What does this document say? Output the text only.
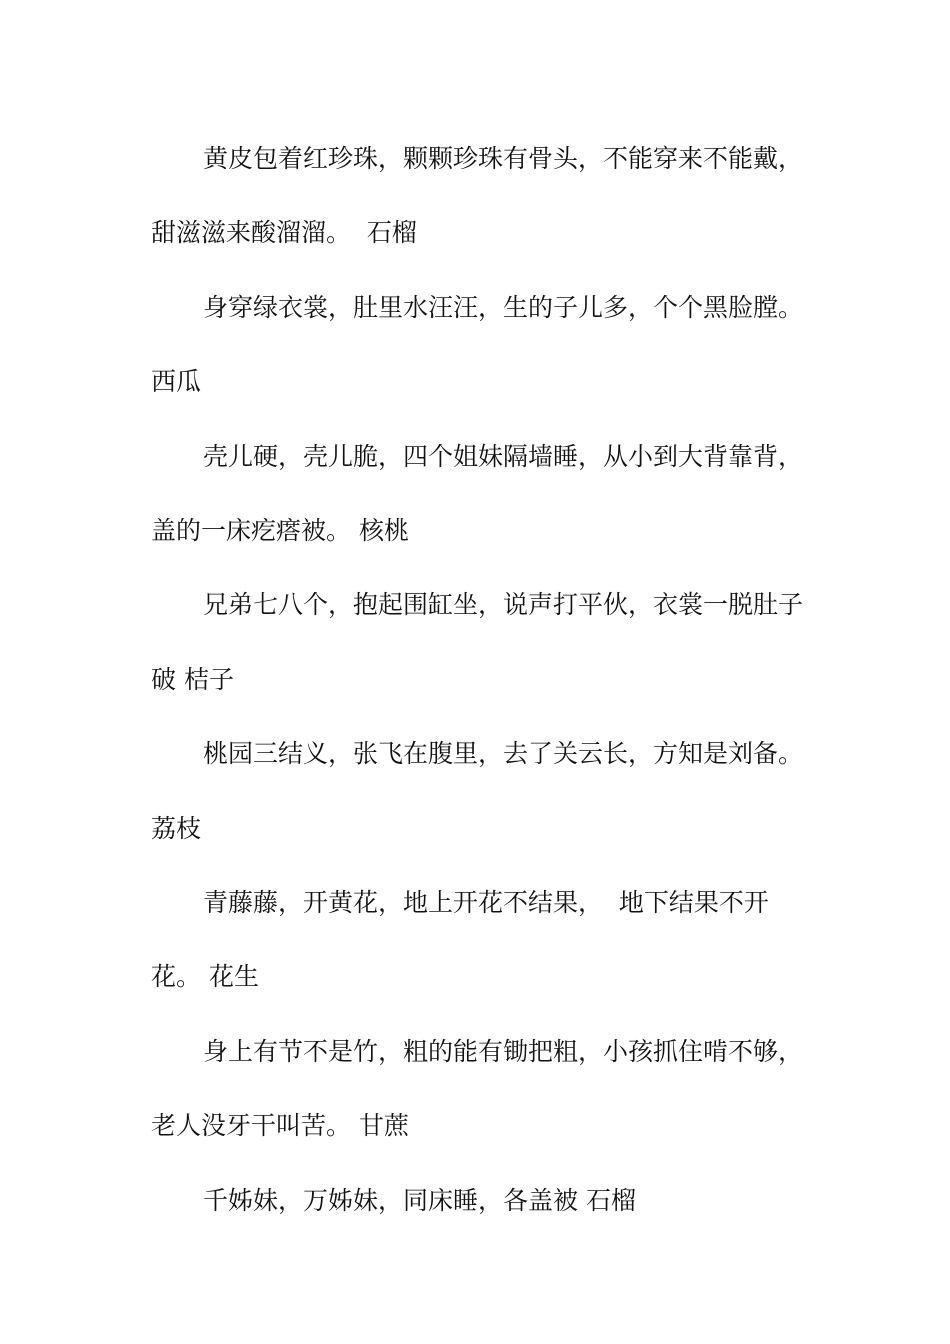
黄皮包着红珍珠，颗颗珍珠有骨头，不能穿来不能戴，甜滋滋来酸溜溜。  石榴

身穿绿衣裳，肚里水汪汪，生的子儿多，个个黑脸膛。 西瓜

壳儿硬，壳儿脆，四个姐妹隔墙睡，从小到大背靠背，盖的一床疙瘩被。 核桃

兄弟七八个，抱起围缸坐，说声打平伙，衣裳一脱肚子破 桔子

桃园三结义，张飞在腹里，去了关云长，方知是刘备。 荔枝

青藤藤，开黄花，地上开花不结果，  地下结果不开花。 花生

身上有节不是竹，粗的能有锄把粗，小孩抓住啃不够，老人没牙干叫苦。 甘蔗

千姊妹，万姊妹，同床睡，各盖被 石榴
